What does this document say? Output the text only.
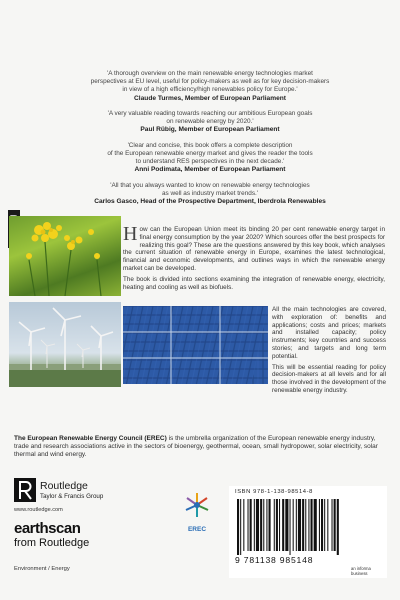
'A thorough overview on the main renewable energy technologies market
perspectives at EU level, useful for policy-makers as well as for key decision-makers
in view of a high efficiency/high renewables policy for Europe.'
Claude Turmes, Member of European Parliament
'A very valuable reading towards reaching our ambitious European goals
on renewable energy by 2020.'
Paul Rübig, Member of European Parliament
'Clear and concise, this book offers a complete description
of the European renewable energy market and gives the reader the tools
to understand RES perspectives in the next decade.'
Anni Podimata, Member of European Parliament
'All that you always wanted to know on renewable energy technologies
as well as industry market trends.'
Carlos Gasco, Head of the Prospective Department, Iberdrola Renewables

How can the European Union meet its binding 20 per cent renewable energy target in final energy consumption by the year 2020? Which sources offer the best prospects for realizing this goal? These are the questions answered by this key book, which analyses the current situation of renewable energy in Europe, examines the latest technological, financial and economic developments, and outlines ways in which the renewable energy market can be developed.

The book is divided into sections examining the integration of renewable energy, electricity, heating and cooling as well as biofuels.

All the main technologies are covered, with exploration of: benefits and applications; costs and prices; markets and installed capacity; policy instruments; key countries and success stories; and targets and long term potential.

This will be essential reading for policy decision-makers at all levels and for all those involved in the development of the renewable energy industry.

The European Renewable Energy Council (EREC) is the umbrella organization of the European renewable energy industry, trade and research associations active in the sectors of bioenergy, geothermal, ocean, small hydropower, solar electricity, solar thermal and wind energy.
Routledge
Taylor & Francis Group
www.routledge.com
earthscan
from Routledge
Environment / Energy
EREC
ISBN 978-1-138-98514-8
9 781138 985148
an informa business
